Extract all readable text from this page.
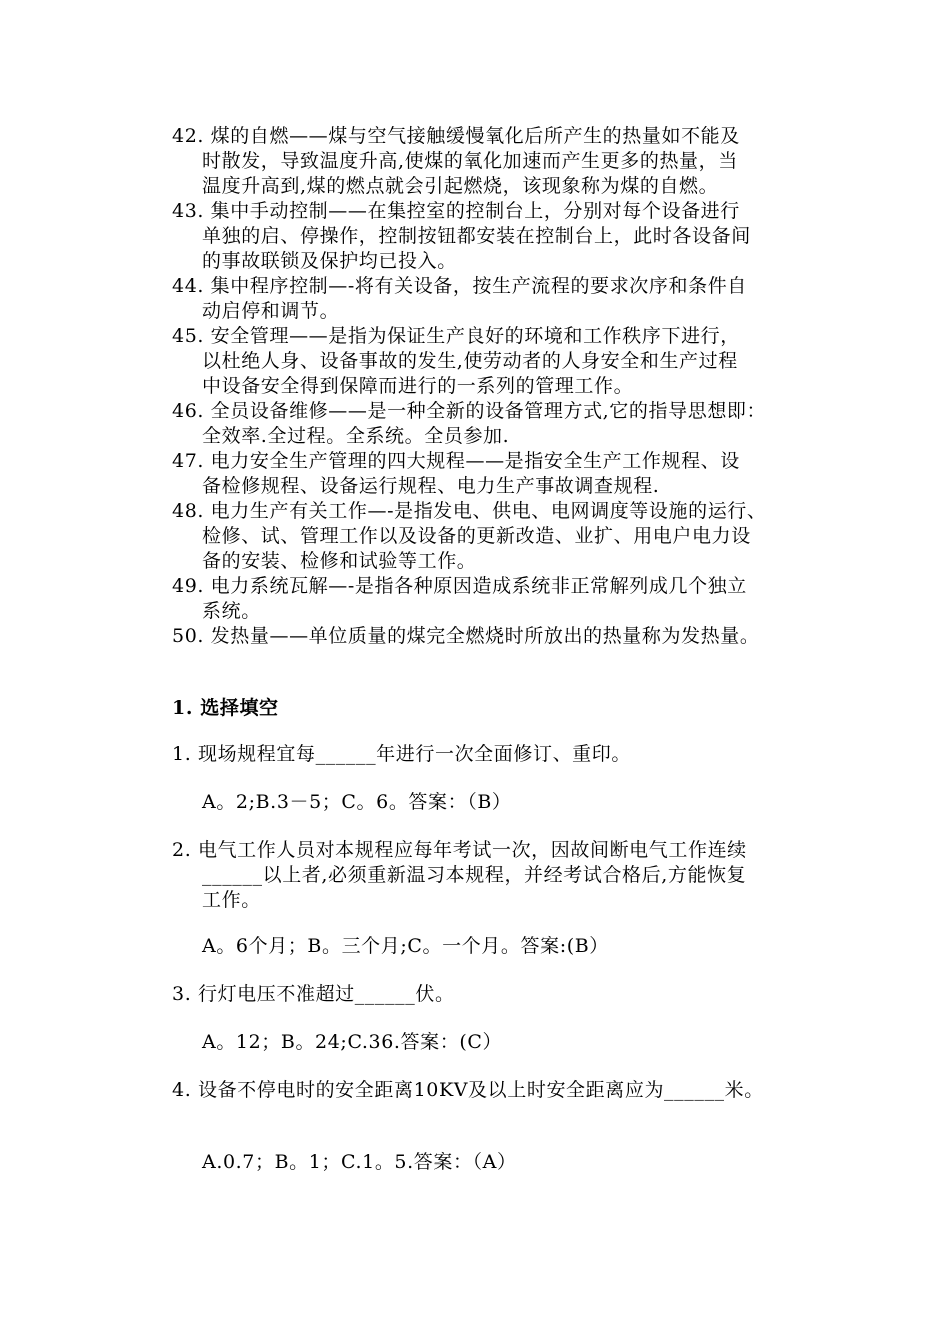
42. 煤的自燃——煤与空气接触缓慢氧化后所产生的热量如不能及
时散发，导致温度升高,使煤的氧化加速而产生更多的热量，当
温度升高到,煤的燃点就会引起燃烧，该现象称为煤的自燃。
43. 集中手动控制——在集控室的控制台上，分别对每个设备进行
单独的启、停操作，控制按钮都安装在控制台上，此时各设备间
的事故联锁及保护均已投入。
44. 集中程序控制—-将有关设备，按生产流程的要求次序和条件自
动启停和调节。
45. 安全管理——是指为保证生产良好的环境和工作秩序下进行，
以杜绝人身、设备事故的发生,使劳动者的人身安全和生产过程
中设备安全得到保障而进行的一系列的管理工作。
46. 全员设备维修——是一种全新的设备管理方式,它的指导思想即：
全效率.全过程。全系统。全员参加.
47. 电力安全生产管理的四大规程——是指安全生产工作规程、设
备检修规程、设备运行规程、电力生产事故调查规程.
48. 电力生产有关工作—-是指发电、供电、电网调度等设施的运行、
检修、试、管理工作以及设备的更新改造、业扩、用电户电力设
备的安装、检修和试验等工作。
49. 电力系统瓦解—-是指各种原因造成系统非正常解列成几个独立
系统。
50. 发热量——单位质量的煤完全燃烧时所放出的热量称为发热量。
1. 选择填空
1. 现场规程宜每______年进行一次全面修订、重印。
A。2;B.3－5；C。6。答案：（B）
2. 电气工作人员对本规程应每年考试一次，因故间断电气工作连续
______以上者,必须重新温习本规程，并经考试合格后,方能恢复
工作。
A。6个月；B。三个月;C。一个月。答案:(B）
3. 行灯电压不准超过______伏。
A。12；B。24;C.36.答案：(C）
4. 设备不停电时的安全距离10KV及以上时安全距离应为______米。
A.0.7；B。1；C.1。5.答案：（A）
